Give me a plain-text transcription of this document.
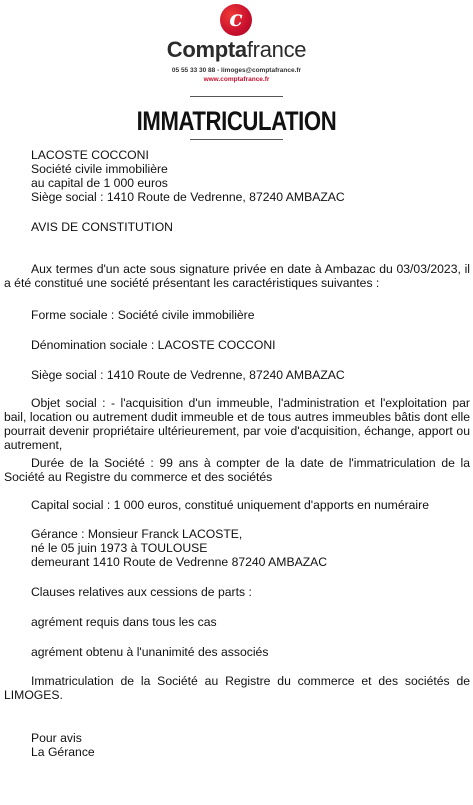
c
Comptafrance
05 55 33 30 88 - limoges@comptafrance.fr
www.comptafrance.fr
IMMATRICULATION
LACOSTE COCCONI
Société civile immobilière
au capital de 1 000 euros
Siège social : 1410 Route de Vedrenne, 87240 AMBAZAC
AVIS DE CONSTITUTION
Aux termes d'un acte sous signature privée en date à Ambazac du 03/03/2023, il a été constitué une société présentant les caractéristiques suivantes :
Forme sociale : Société civile immobilière
Dénomination sociale : LACOSTE COCCONI
Siège social : 1410 Route de Vedrenne, 87240 AMBAZAC
Objet social : - l'acquisition d'un immeuble, l'administration et l'exploitation par bail, location ou autrement dudit immeuble et de tous autres immeubles bâtis dont elle pourrait devenir propriétaire ultérieurement, par voie d'acquisition, échange, apport ou autrement,
Durée de la Société : 99 ans à compter de la date de l'immatriculation de la Société au Registre du commerce et des sociétés
Capital social : 1 000 euros, constitué uniquement d'apports en numéraire
Gérance : Monsieur Franck LACOSTE,
né le 05 juin 1973 à TOULOUSE
demeurant 1410 Route de Vedrenne 87240 AMBAZAC
Clauses relatives aux cessions de parts :
agrément requis dans tous les cas
agrément obtenu à l'unanimité des associés
Immatriculation de la Société au Registre du commerce et des sociétés de LIMOGES.
Pour avis
La Gérance
